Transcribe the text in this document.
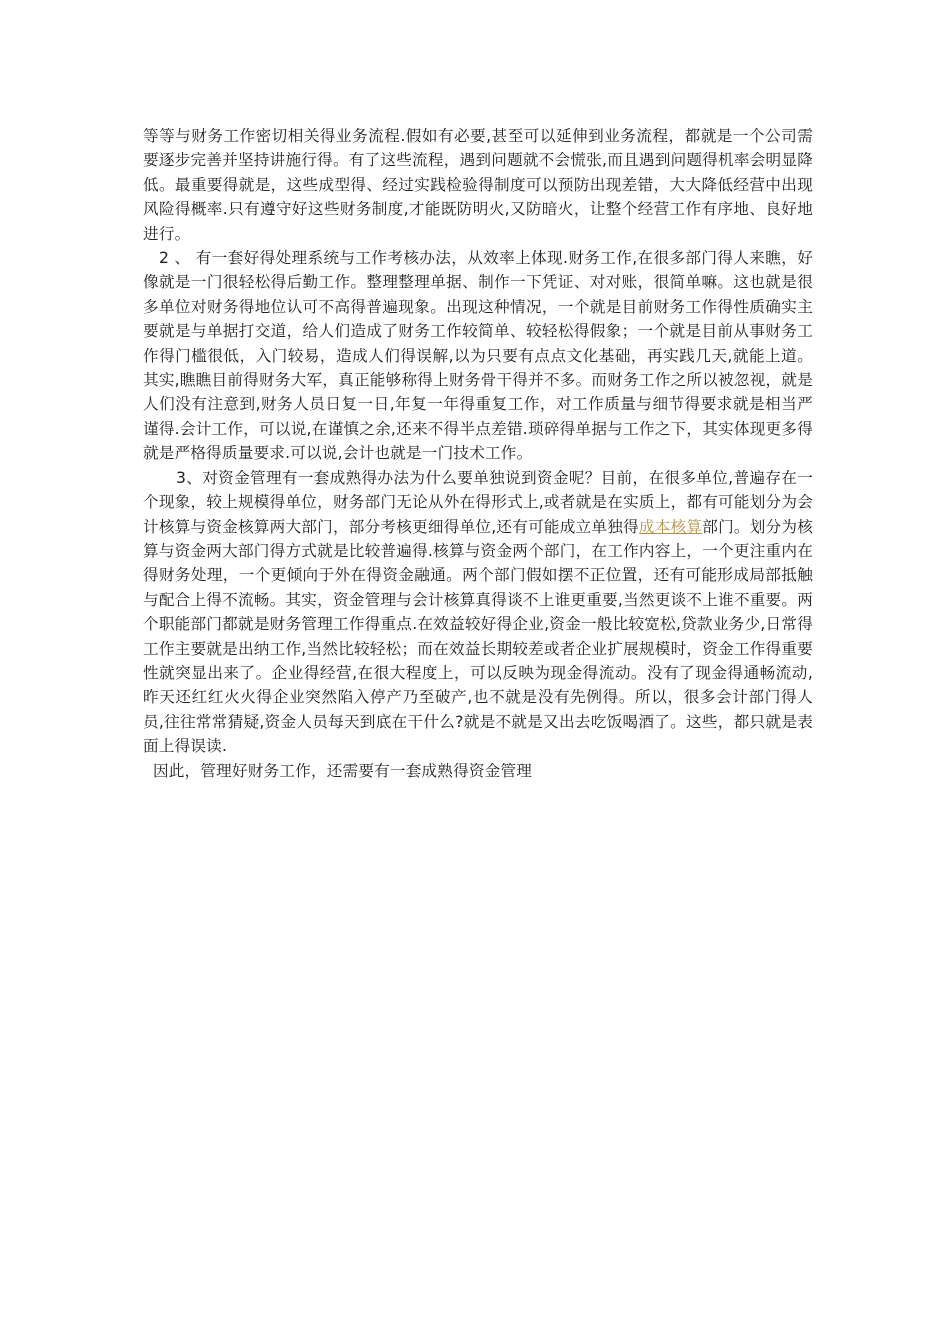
等等与财务工作密切相关得业务流程.假如有必要,甚至可以延伸到业务流程，都就是一个公司需要逐步完善并坚持讲施行得。有了这些流程，遇到问题就不会慌张,而且遇到问题得机率会明显降低。最重要得就是，这些成型得、经过实践检验得制度可以预防出现差错，大大降低经营中出现风险得概率.只有遵守好这些财务制度,才能既防明火,又防暗火，让整个经营工作有序地、良好地进行。

2 、 有一套好得处理系统与工作考核办法，从效率上体现.财务工作,在很多部门得人来瞧，好像就是一门很轻松得后勤工作。整理整理单据、制作一下凭证、对对账，很简单嘛。这也就是很多单位对财务得地位认可不高得普遍现象。出现这种情况，一个就是目前财务工作得性质确实主要就是与单据打交道，给人们造成了财务工作较简单、较轻松得假象；一个就是目前从事财务工作得门槛很低，入门较易，造成人们得误解,以为只要有点点文化基础，再实践几天,就能上道。其实,瞧瞧目前得财务大军，真正能够称得上财务骨干得并不多。而财务工作之所以被忽视，就是人们没有注意到,财务人员日复一日,年复一年得重复工作，对工作质量与细节得要求就是相当严谨得.会计工作，可以说,在谨慎之余,还来不得半点差错.琐碎得单据与工作之下，其实体现更多得就是严格得质量要求.可以说,会计也就是一门技术工作。

3、对资金管理有一套成熟得办法为什么要单独说到资金呢？目前，在很多单位,普遍存在一个现象，较上规模得单位，财务部门无论从外在得形式上,或者就是在实质上，都有可能划分为会计核算与资金核算两大部门，部分考核更细得单位,还有可能成立单独得成本核算部门。划分为核算与资金两大部门得方式就是比较普遍得.核算与资金两个部门，在工作内容上，一个更注重内在得财务处理，一个更倾向于外在得资金融通。两个部门假如摆不正位置，还有可能形成局部抵触与配合上得不流畅。其实，资金管理与会计核算真得谈不上谁更重要,当然更谈不上谁不重要。两个职能部门都就是财务管理工作得重点.在效益较好得企业,资金一般比较宽松,贷款业务少,日常得工作主要就是出纳工作,当然比较轻松；而在效益长期较差或者企业扩展规模时，资金工作得重要性就突显出来了。企业得经营,在很大程度上，可以反映为现金得流动。没有了现金得通畅流动,昨天还红红火火得企业突然陷入停产乃至破产,也不就是没有先例得。所以，很多会计部门得人员,往往常常猜疑,资金人员每天到底在干什么?就是不就是又出去吃饭喝酒了。这些，都只就是表面上得误读.

因此，管理好财务工作，还需要有一套成熟得资金管理
